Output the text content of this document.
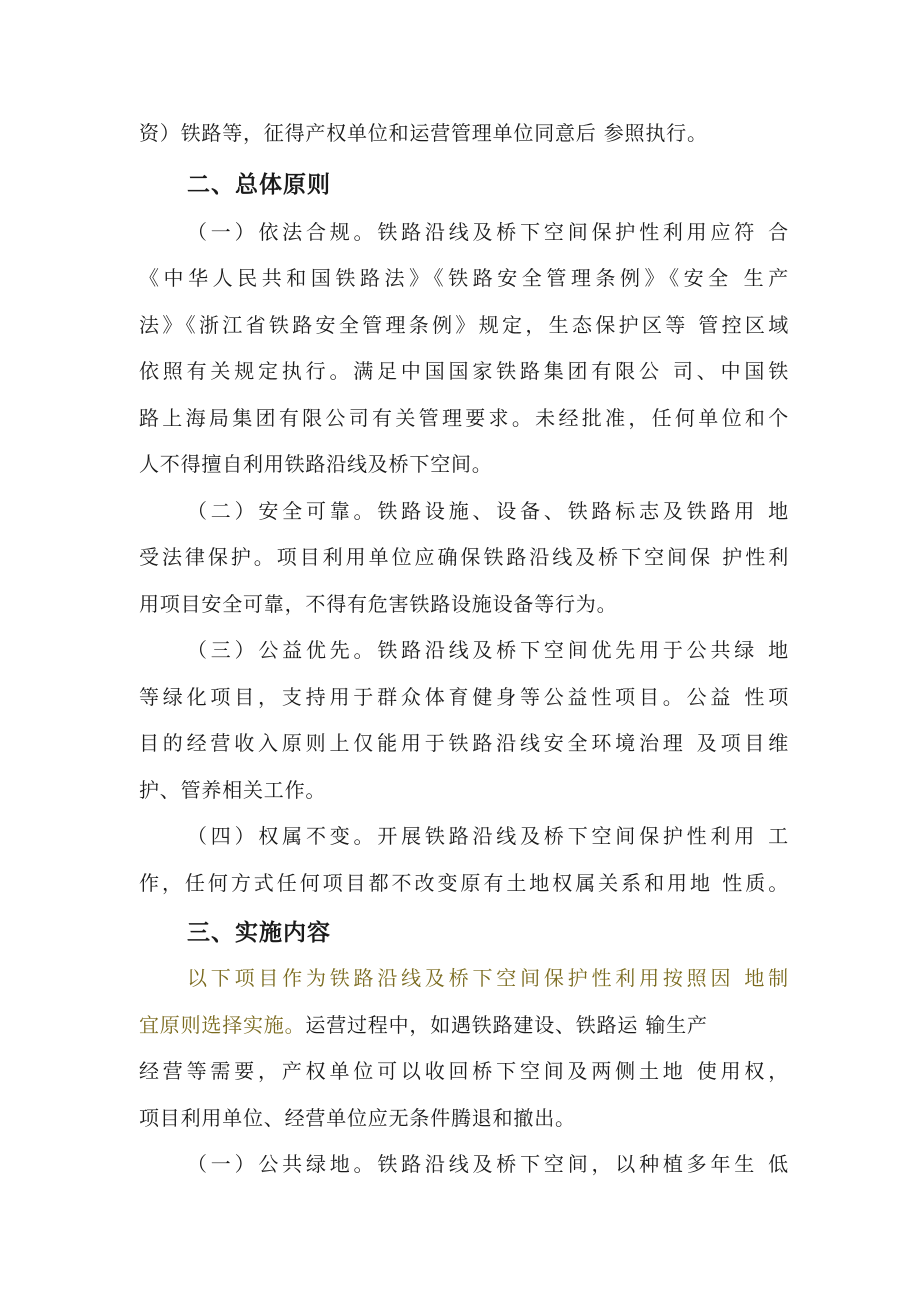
资）铁路等，征得产权单位和运营管理单位同意后 参照执行。
二、总体原则
（一）依法合规。铁路沿线及桥下空间保护性利用应符 合
《中华人民共和国铁路法》《铁路安全管理条例》《安全 生产
法》《浙江省铁路安全管理条例》规定，生态保护区等 管控区域
依照有关规定执行。满足中国国家铁路集团有限公 司、中国铁
路上海局集团有限公司有关管理要求。未经批准，任何单位和个
人不得擅自利用铁路沿线及桥下空间。
（二）安全可靠。铁路设施、设备、铁路标志及铁路用 地
受法律保护。项目利用单位应确保铁路沿线及桥下空间保 护性利
用项目安全可靠，不得有危害铁路设施设备等行为。
（三）公益优先。铁路沿线及桥下空间优先用于公共绿 地
等绿化项目，支持用于群众体育健身等公益性项目。公益 性项
目的经营收入原则上仅能用于铁路沿线安全环境治理 及项目维
护、管养相关工作。
（四）权属不变。开展铁路沿线及桥下空间保护性利用 工
作，任何方式任何项目都不改变原有土地权属关系和用地 性质。
三、实施内容
以下项目作为铁路沿线及桥下空间保护性利用按照因 地制
宜原则选择实施。运营过程中，如遇铁路建设、铁路运 输生产
经营等需要，产权单位可以收回桥下空间及两侧土地 使用权，
项目利用单位、经营单位应无条件腾退和撤出。
（一）公共绿地。铁路沿线及桥下空间，以种植多年生 低
